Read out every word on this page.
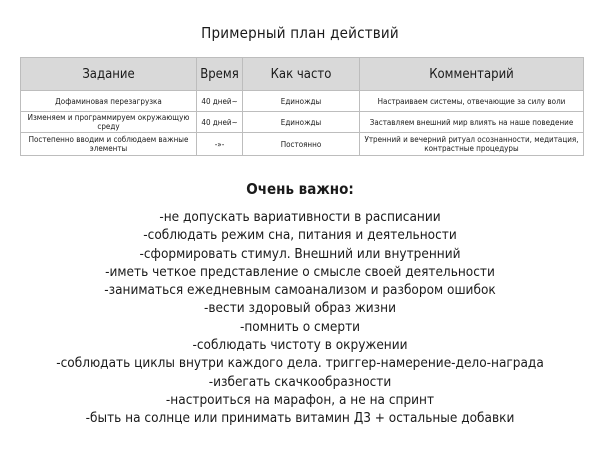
Примерный план действий
Задание	Время	Как часто	Комментарий
Дофаминовая перезагрузка	40 дней~	Единожды	Настраиваем системы, отвечающие за силу воли
Изменяем и программируем окружающую среду	40 дней~	Единожды	Заставляем внешний мир влиять на наше поведение
Постепенно вводим и соблюдаем важные элементы	-»-	Постоянно	Утренний и вечерний ритуал осознанности, медитация, контрастные процедуры
Очень важно:
-не допускать вариативности в расписании
-соблюдать режим сна, питания и деятельности
-сформировать стимул. Внешний или внутренний
-иметь четкое представление о смысле своей деятельности
-заниматься ежедневным самоанализом и разбором ошибок
-вести здоровый образ жизни
-помнить о смерти
-соблюдать чистоту в окружении
-соблюдать циклы внутри каждого дела. триггер-намерение-дело-награда
-избегать скачкообразности
-настроиться на марафон, а не на спринт
-быть на солнце или принимать витамин Д3 + остальные добавки
